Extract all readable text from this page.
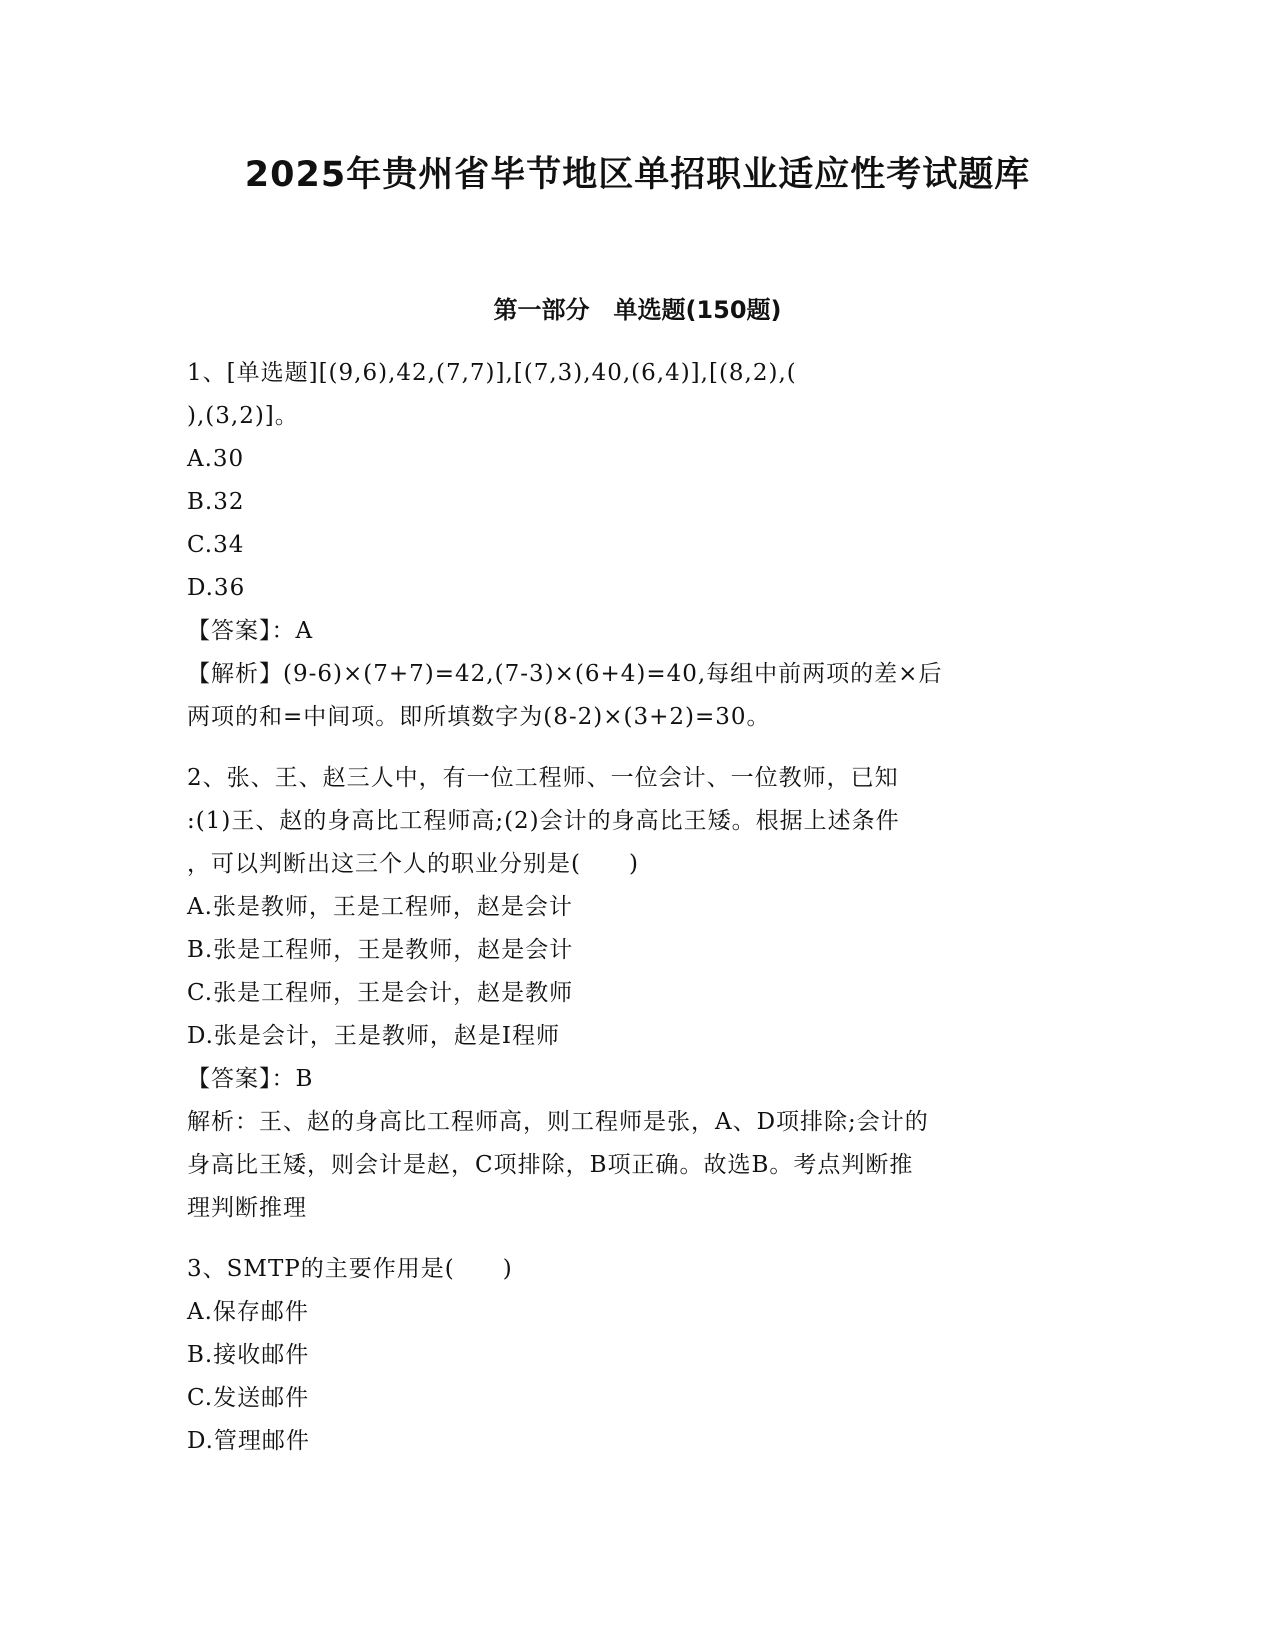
2025年贵州省毕节地区单招职业适应性考试题库
第一部分　单选题(150题)
1、[单选题][(9,6),42,(7,7)],[(7,3),40,(6,4)],[(8,2),(
),(3,2)]。
A.30
B.32
C.34
D.36
【答案】：A
【解析】(9-6)×(7+7)=42,(7-3)×(6+4)=40,每组中前两项的差×后
两项的和=中间项。即所填数字为(8-2)×(3+2)=30。
2、张、王、赵三人中，有一位工程师、一位会计、一位教师，已知
:(1)王、赵的身高比工程师高;(2)会计的身高比王矮。根据上述条件
，可以判断出这三个人的职业分别是(　　)
A.张是教师，王是工程师，赵是会计
B.张是工程师，王是教师，赵是会计
C.张是工程师，王是会计，赵是教师
D.张是会计，王是教师，赵是I程师
【答案】：B
解析：王、赵的身高比工程师高，则工程师是张，A、D项排除;会计的
身高比王矮，则会计是赵，C项排除，B项正确。故选B。考点判断推
理判断推理
3、SMTP的主要作用是(　　)
A.保存邮件
B.接收邮件
C.发送邮件
D.管理邮件
